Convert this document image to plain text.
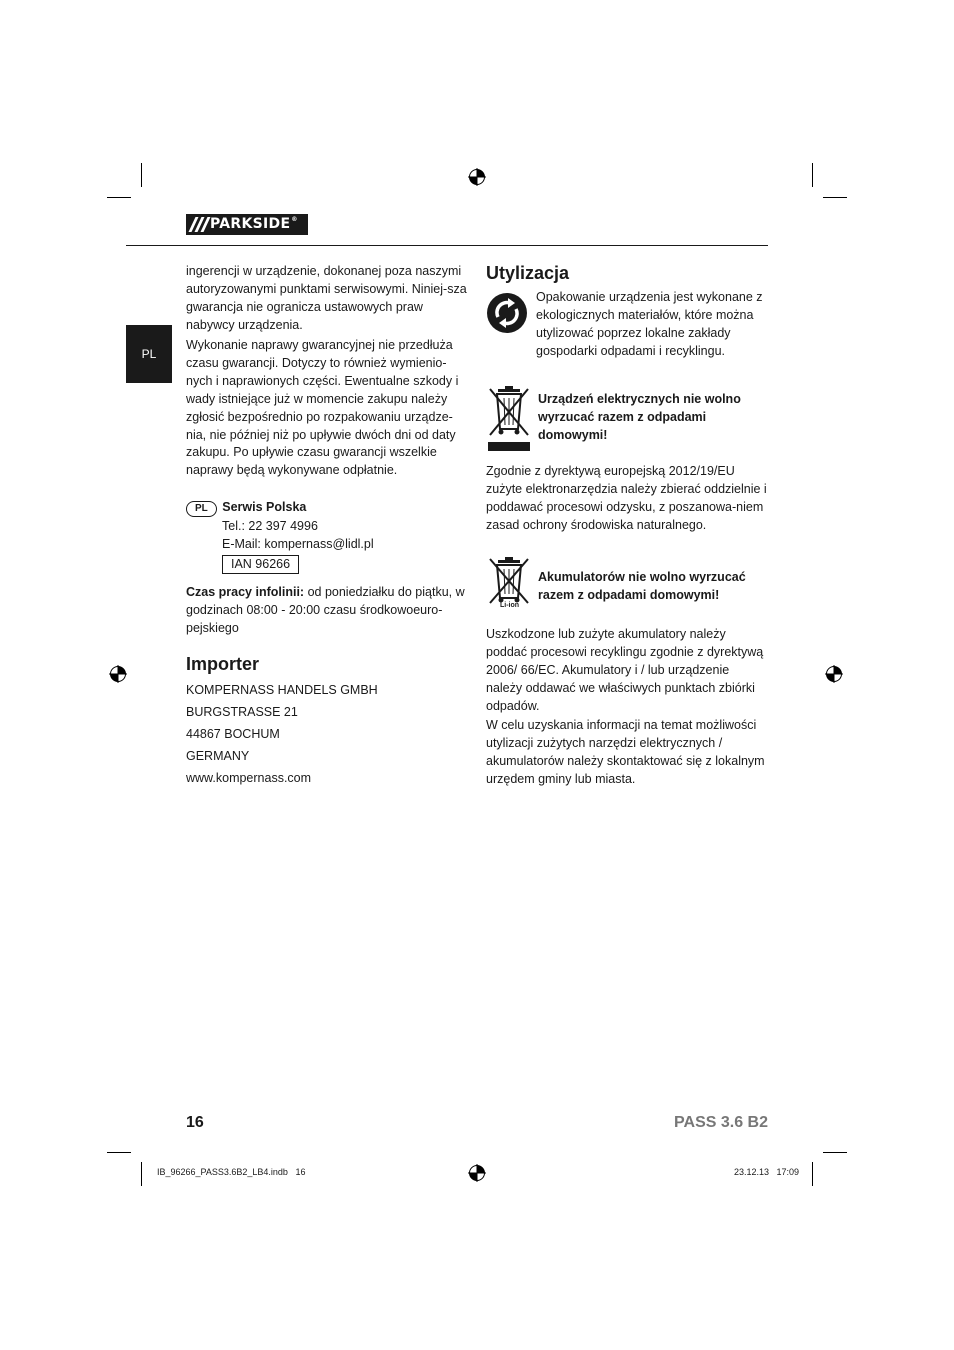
PARKSIDE ®
PL

ingerencji w urządzenie, dokonanej poza naszymi autoryzowanymi punktami serwisowymi. Niniej-sza gwarancja nie ogranicza ustawowych praw nabywcy urządzenia.

Wykonanie naprawy gwarancyjnej nie przedłuża czasu gwarancji. Dotyczy to również wymienio-nych i naprawionych części. Ewentualne szkody i wady istniejące już w momencie zakupu należy zgłosić bezpośrednio po rozpakowaniu urządze-nia, nie później niż po upływie dwóch dni od daty zakupu. Po upływie czasu gwarancji wszelkie naprawy będą wykonywane odpłatnie.

PL Serwis Polska
Tel.: 22 397 4996
E-Mail: kompernass@lidl.pl
IAN 96266

Czas pracy infolinii: od poniedziałku do piątku, w godzinach 08:00 - 20:00 czasu środkowoeuro-pejskiego

Importer
KOMPERNASS HANDELS GMBH
BURGSTRASSE 21
44867 BOCHUM
GERMANY
www.kompernass.com
Utylizacja

Opakowanie urządzenia jest wykonane z ekologicznych materiałów, które można utylizować poprzez lokalne zakłady gospodarki odpadami i recyklingu.

Urządzeń elektrycznych nie wolno wyrzucać razem z odpadami domowymi!

Zgodnie z dyrektywą europejską 2012/19/EU zużyte elektronarzędzia należy zbierać oddzielnie i poddawać procesowi odzysku, z poszanowa-niem zasad ochrony środowiska naturalnego.

Li-ion

Akumulatorów nie wolno wyrzucać razem z odpadami domowymi!

Uszkodzone lub zużyte akumulatory należy poddać procesowi recyklingu zgodnie z dyrektywą 2006/ 66/EC. Akumulatory i / lub urządzenie należy oddawać we właściwych punktach zbiórki odpadów.

W celu uzyskania informacji na temat możliwości utylizacji zużytych narzędzi elektrycznych / akumulatorów należy skontaktować się z lokalnym urzędem gminy lub miasta.

16	PASS 3.6 B2
IB_96266_PASS3.6B2_LB4.indb   16	23.12.13   17:09
